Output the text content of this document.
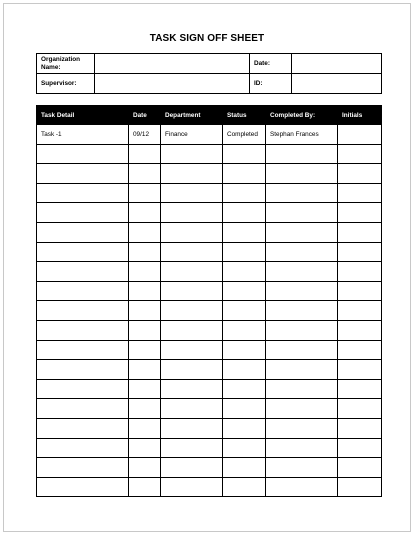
TASK SIGN OFF SHEET
Organization Name:		Date:	
Supervisor:		ID:	
Task Detail	Date	Department	Status	Completed By:	Initials
Task -1	09/12	Finance	Completed	Stephan Frances	
